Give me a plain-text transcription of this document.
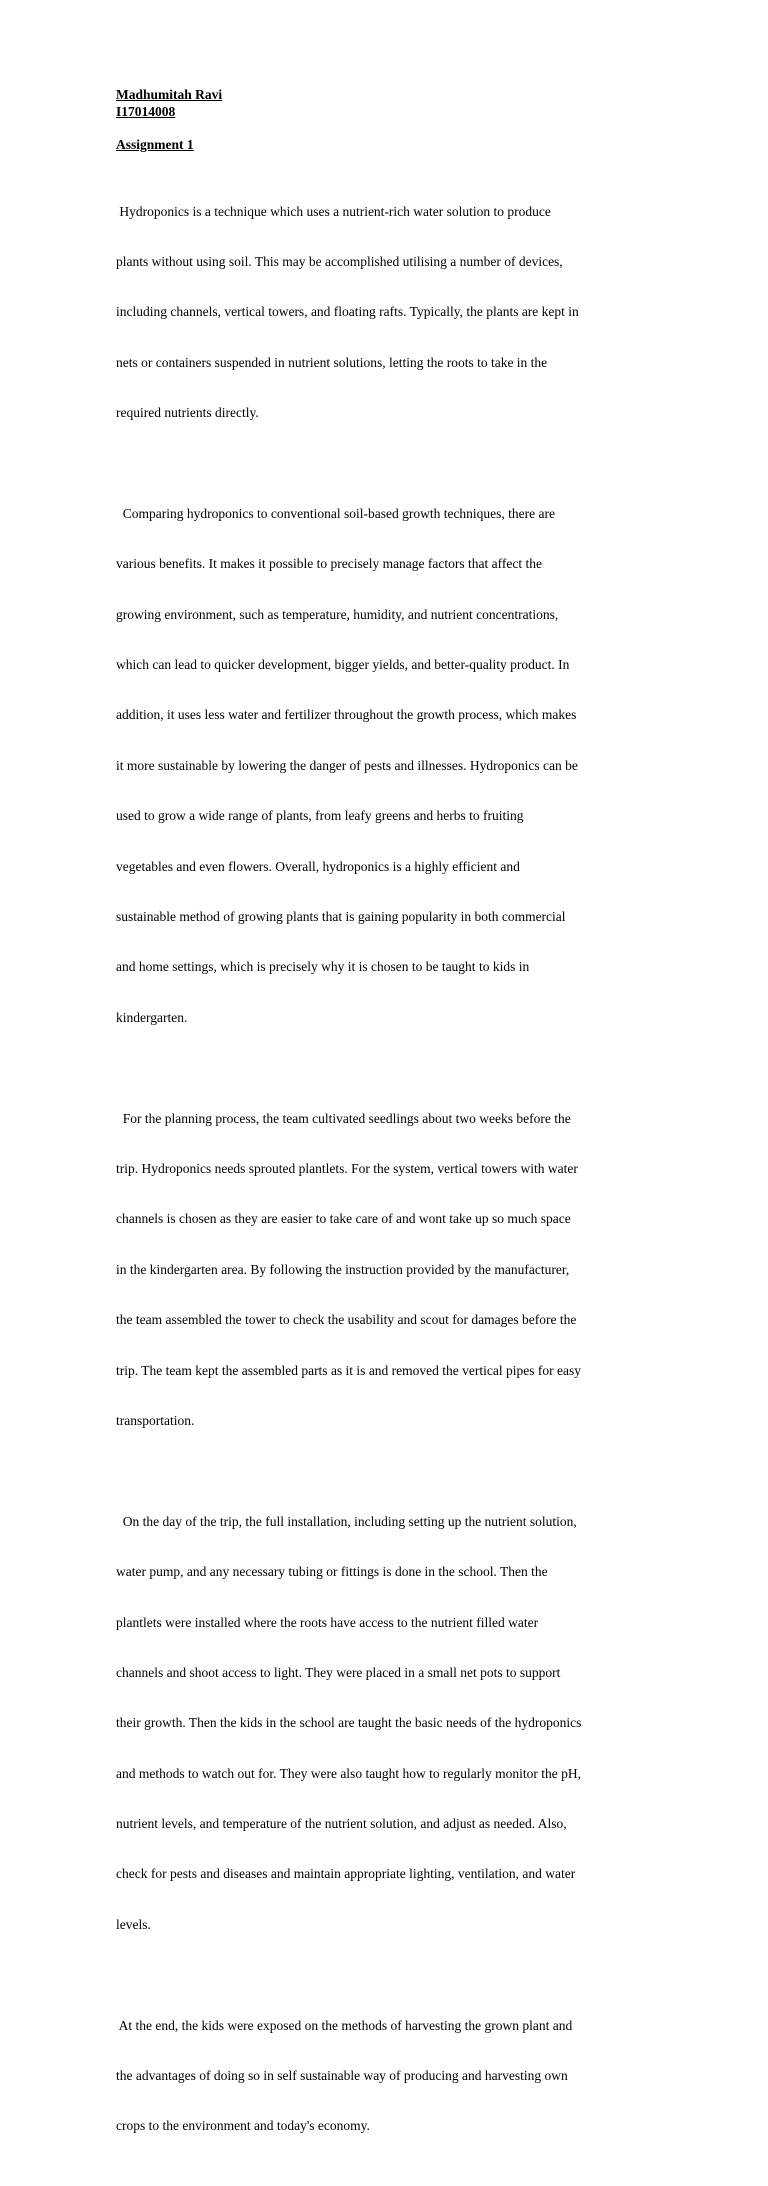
Madhumitah Ravi

I17014008

Assignment 1

Hydroponics is a technique which uses a nutrient-rich water solution to produce

plants without using soil. This may be accomplished utilising a number of devices,

including channels, vertical towers, and floating rafts. Typically, the plants are kept in

nets or containers suspended in nutrient solutions, letting the roots to take in the

required nutrients directly.

Comparing hydroponics to conventional soil-based growth techniques, there are

various benefits. It makes it possible to precisely manage factors that affect the

growing environment, such as temperature, humidity, and nutrient concentrations,

which can lead to quicker development, bigger yields, and better-quality product. In

addition, it uses less water and fertilizer throughout the growth process, which makes

it more sustainable by lowering the danger of pests and illnesses. Hydroponics can be

used to grow a wide range of plants, from leafy greens and herbs to fruiting

vegetables and even flowers. Overall, hydroponics is a highly efficient and

sustainable method of growing plants that is gaining popularity in both commercial

and home settings, which is precisely why it is chosen to be taught to kids in

kindergarten.

For the planning process, the team cultivated seedlings about two weeks before the

trip. Hydroponics needs sprouted plantlets. For the system, vertical towers with water

channels is chosen as they are easier to take care of and wont take up so much space

in the kindergarten area. By following the instruction provided by the manufacturer,

the team assembled the tower to check the usability and scout for damages before the

trip. The team kept the assembled parts as it is and removed the vertical pipes for easy

transportation.

On the day of the trip, the full installation, including setting up the nutrient solution,

water pump, and any necessary tubing or fittings is done in the school. Then the

plantlets were installed where the roots have access to the nutrient filled water

channels and shoot access to light. They were placed in a small net pots to support

their growth. Then the kids in the school are taught the basic needs of the hydroponics

and methods to watch out for. They were also taught how to regularly monitor the pH,

nutrient levels, and temperature of the nutrient solution, and adjust as needed. Also,

check for pests and diseases and maintain appropriate lighting, ventilation, and water

levels.

At the end, the kids were exposed on the methods of harvesting the grown plant and

the advantages of doing so in self sustainable way of producing and harvesting own

crops to the environment and today's economy.
